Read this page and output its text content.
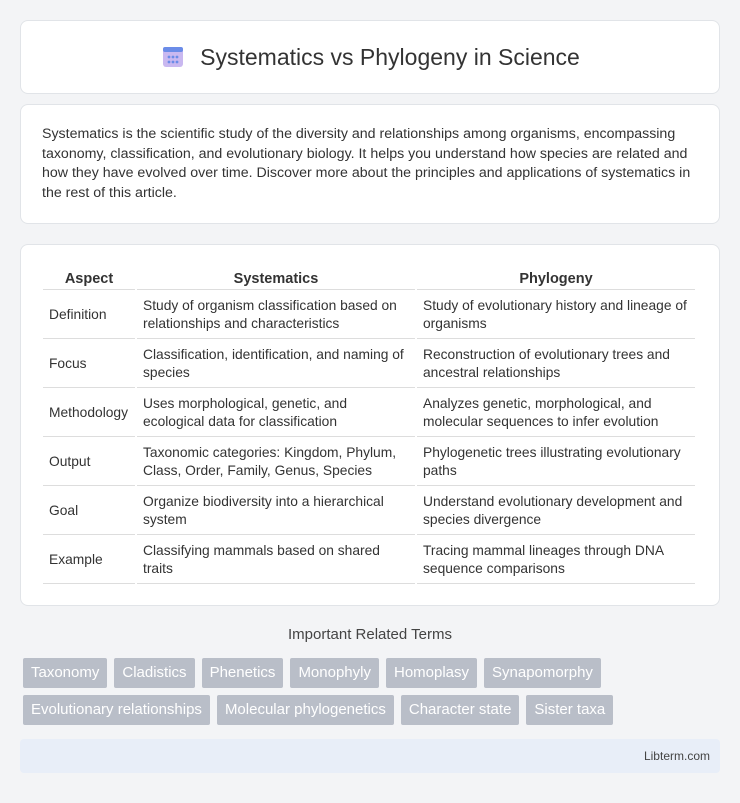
Systematics vs Phylogeny in Science

Systematics is the scientific study of the diversity and relationships among organisms, encompassing taxonomy, classification, and evolutionary biology. It helps you understand how species are related and how they have evolved over time. Discover more about the principles and applications of systematics in the rest of this article.

Aspect	Systematics	Phylogeny
Definition	Study of organism classification based on relationships and characteristics	Study of evolutionary history and lineage of organisms
Focus	Classification, identification, and naming of species	Reconstruction of evolutionary trees and ancestral relationships
Methodology	Uses morphological, genetic, and ecological data for classification	Analyzes genetic, morphological, and molecular sequences to infer evolution
Output	Taxonomic categories: Kingdom, Phylum, Class, Order, Family, Genus, Species	Phylogenetic trees illustrating evolutionary paths
Goal	Organize biodiversity into a hierarchical system	Understand evolutionary development and species divergence
Example	Classifying mammals based on shared traits	Tracing mammal lineages through DNA sequence comparisons
Important Related Terms
Taxonomy	Cladistics	Phenetics	Monophyly	Homoplasy	Synapomorphy
Evolutionary relationships	Molecular phylogenetics	Character state	Sister taxa
Libterm.com
